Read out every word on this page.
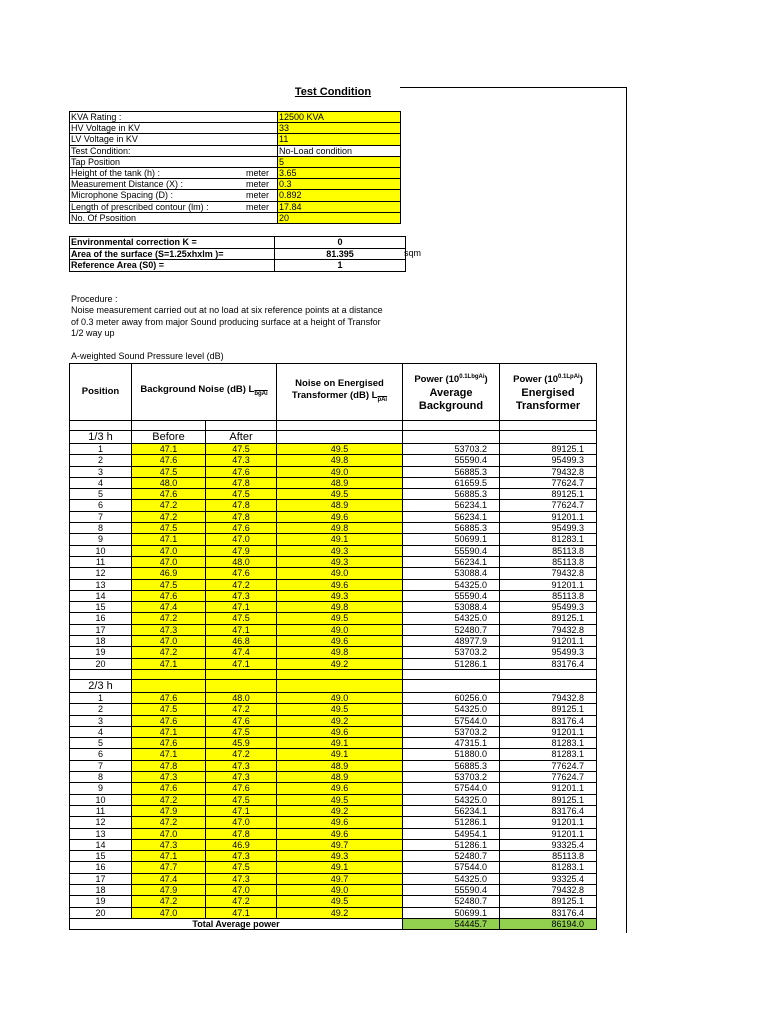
Test Condition
KVA Rating :	12500 KVA
HV Voltage in KV	33
LV Voltage in KV	11
Test Condition:	No-Load condition
Tap Position	5
Height of the tank (h) : meter	3.65
Measurement Distance (X) : meter	0.3
Microphone Spacing (D) : meter	0.892
Length of prescribed contour (lm) : meter	17.84
No. Of Psosition	20
Environmental correction K =	0
Area of the surface (S=1.25xhxlm )=	81.395
Reference Area (S0) =	1
sqm
Procedure :
Noise measurement carried out at no load at six reference points at a distance
of 0.3 meter away from major Sound producing surface at a height of Transfor
1/2 way up
A-weighted Sound Pressure level (dB)
Position	Background Noise (dB) $L_{bgAi}$		Noise on Energised
Transformer (dB) $L_{\overline{pAi}}$	Power $(10^{0.1LbgAi})$
Average
Background	Power $(10^{0.1LpAi})$
Energised
Transformer

1/3 h	Before	After			
1	47.1	47.5	49.5	53703.2	89125.1
2	47.6	47.3	49.8	55590.4	95499.3
3	47.5	47.6	49.0	56885.3	79432.8
4	48.0	47.8	48.9	61659.5	77624.7
5	47.6	47.5	49.5	56885.3	89125.1
6	47.2	47.8	48.9	56234.1	77624.7
7	47.2	47.8	49.6	56234.1	91201.1
8	47.5	47.6	49.8	56885.3	95499.3
9	47.1	47.0	49.1	50699.1	81283.1
10	47.0	47.9	49.3	55590.4	85113.8
11	47.0	48.0	49.3	56234.1	85113.8
12	46.9	47.6	49.0	53088.4	79432.8
13	47.5	47.2	49.6	54325.0	91201.1
14	47.6	47.3	49.3	55590.4	85113.8
15	47.4	47.1	49.8	53088.4	95499.3
16	47.2	47.5	49.5	54325.0	89125.1
17	47.3	47.1	49.0	52480.7	79432.8
18	47.0	46.8	49.6	48977.9	91201.1
19	47.2	47.4	49.8	53703.2	95499.3
20	47.1	47.1	49.2	51286.1	83176.4

2/3 h					
1	47.6	48.0	49.0	60256.0	79432.8
2	47.5	47.2	49.5	54325.0	89125.1
3	47.6	47.6	49.2	57544.0	83176.4
4	47.1	47.5	49.6	53703.2	91201.1
5	47.6	45.9	49.1	47315.1	81283.1
6	47.1	47.2	49.1	51880.0	81283.1
7	47.8	47.3	48.9	56885.3	77624.7
8	47.3	47.3	48.9	53703.2	77624.7
9	47.6	47.6	49.6	57544.0	91201.1
10	47.2	47.5	49.5	54325.0	89125.1
11	47.9	47.1	49.2	56234.1	83176.4
12	47.2	47.0	49.6	51286.1	91201.1
13	47.0	47.8	49.6	54954.1	91201.1
14	47.3	46.9	49.7	51286.1	93325.4
15	47.1	47.3	49.3	52480.7	85113.8
16	47.7	47.5	49.1	57544.0	81283.1
17	47.4	47.3	49.7	54325.0	93325.4
18	47.9	47.0	49.0	55590.4	79432.8
19	47.2	47.2	49.5	52480.7	89125.1
20	47.0	47.1	49.2	50699.1	83176.4
Total Average power				54445.7	86194.0
